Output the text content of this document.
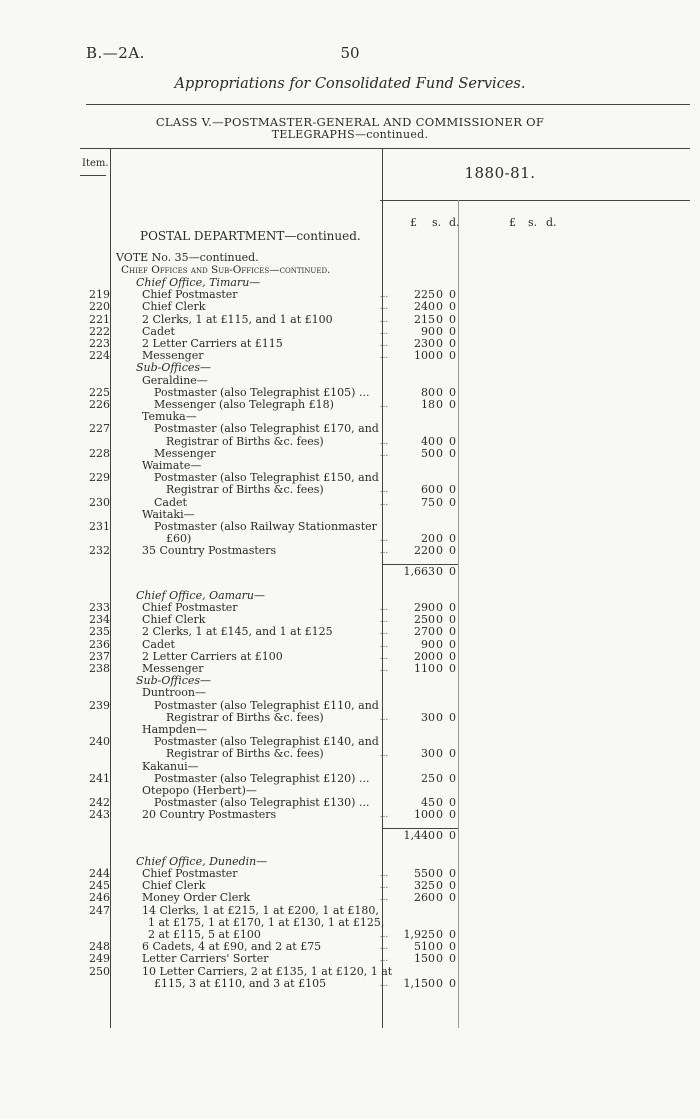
B.—2A.	50
Appropriations for Consolidated Fund Services.
CLASS V.—POSTMASTER-GENERAL AND COMMISSIONER OF
TELEGRAPHS—continued.
Item.
1880-81.
£ s. d.	£ s. d.
POSTAL DEPARTMENT—continued.
VOTE No. 35—continued.
Chief Offices and Sub-Offices—continued.
Chief Office, Timaru—
219	Chief Postmaster	...	225 0 0
220	Chief Clerk	...	240 0 0
221	2 Clerks, 1 at £115, and 1 at £100	...	215 0 0
222	Cadet	...	90 0 0
223	2 Letter Carriers at £115	...	230 0 0
224	Messenger	...	100 0 0
Sub-Offices—
Geraldine—
225	Postmaster (also Telegraphist £105) ...	80 0 0
226	Messenger (also Telegraph £18)	...	18 0 0
Temuka—
227	Postmaster (also Telegraphist £170, and
Registrar of Births &c. fees)	...	40 0 0
228	Messenger	...	50 0 0
Waimate—
229	Postmaster (also Telegraphist £150, and
Registrar of Births &c. fees)	...	60 0 0
230	Cadet	...	75 0 0
Waitaki—
231	Postmaster (also Railway Stationmaster
£60)	...	20 0 0
232	35 Country Postmasters	...	220 0 0
1,663 0 0
Chief Office, Oamaru—
233	Chief Postmaster	...	290 0 0
234	Chief Clerk	...	250 0 0
235	2 Clerks, 1 at £145, and 1 at £125	...	270 0 0
236	Cadet	...	90 0 0
237	2 Letter Carriers at £100	...	200 0 0
238	Messenger	...	110 0 0
Sub-Offices—
Duntroon—
239	Postmaster (also Telegraphist £110, and
Registrar of Births &c. fees)	...	30 0 0
Hampden—
240	Postmaster (also Telegraphist £140, and
Registrar of Births &c. fees)	...	30 0 0
Kakanui—
241	Postmaster (also Telegraphist £120) ...	25 0 0
Otepopo (Herbert)—
242	Postmaster (also Telegraphist £130) ...	45 0 0
243	20 Country Postmasters	...	100 0 0
1,440 0 0
Chief Office, Dunedin—
244	Chief Postmaster	...	550 0 0
245	Chief Clerk	...	325 0 0
246	Money Order Clerk	...	260 0 0
247	14 Clerks, 1 at £215, 1 at £200, 1 at £180,
1 at £175, 1 at £170, 1 at £130, 1 at £125,
2 at £115, 5 at £100	...	1,925 0 0
248	6 Cadets, 4 at £90, and 2 at £75	...	510 0 0
249	Letter Carriers' Sorter	...	150 0 0
250	10 Letter Carriers, 2 at £135, 1 at £120, 1 at
£115, 3 at £110, and 3 at £105	...	1,150 0 0
